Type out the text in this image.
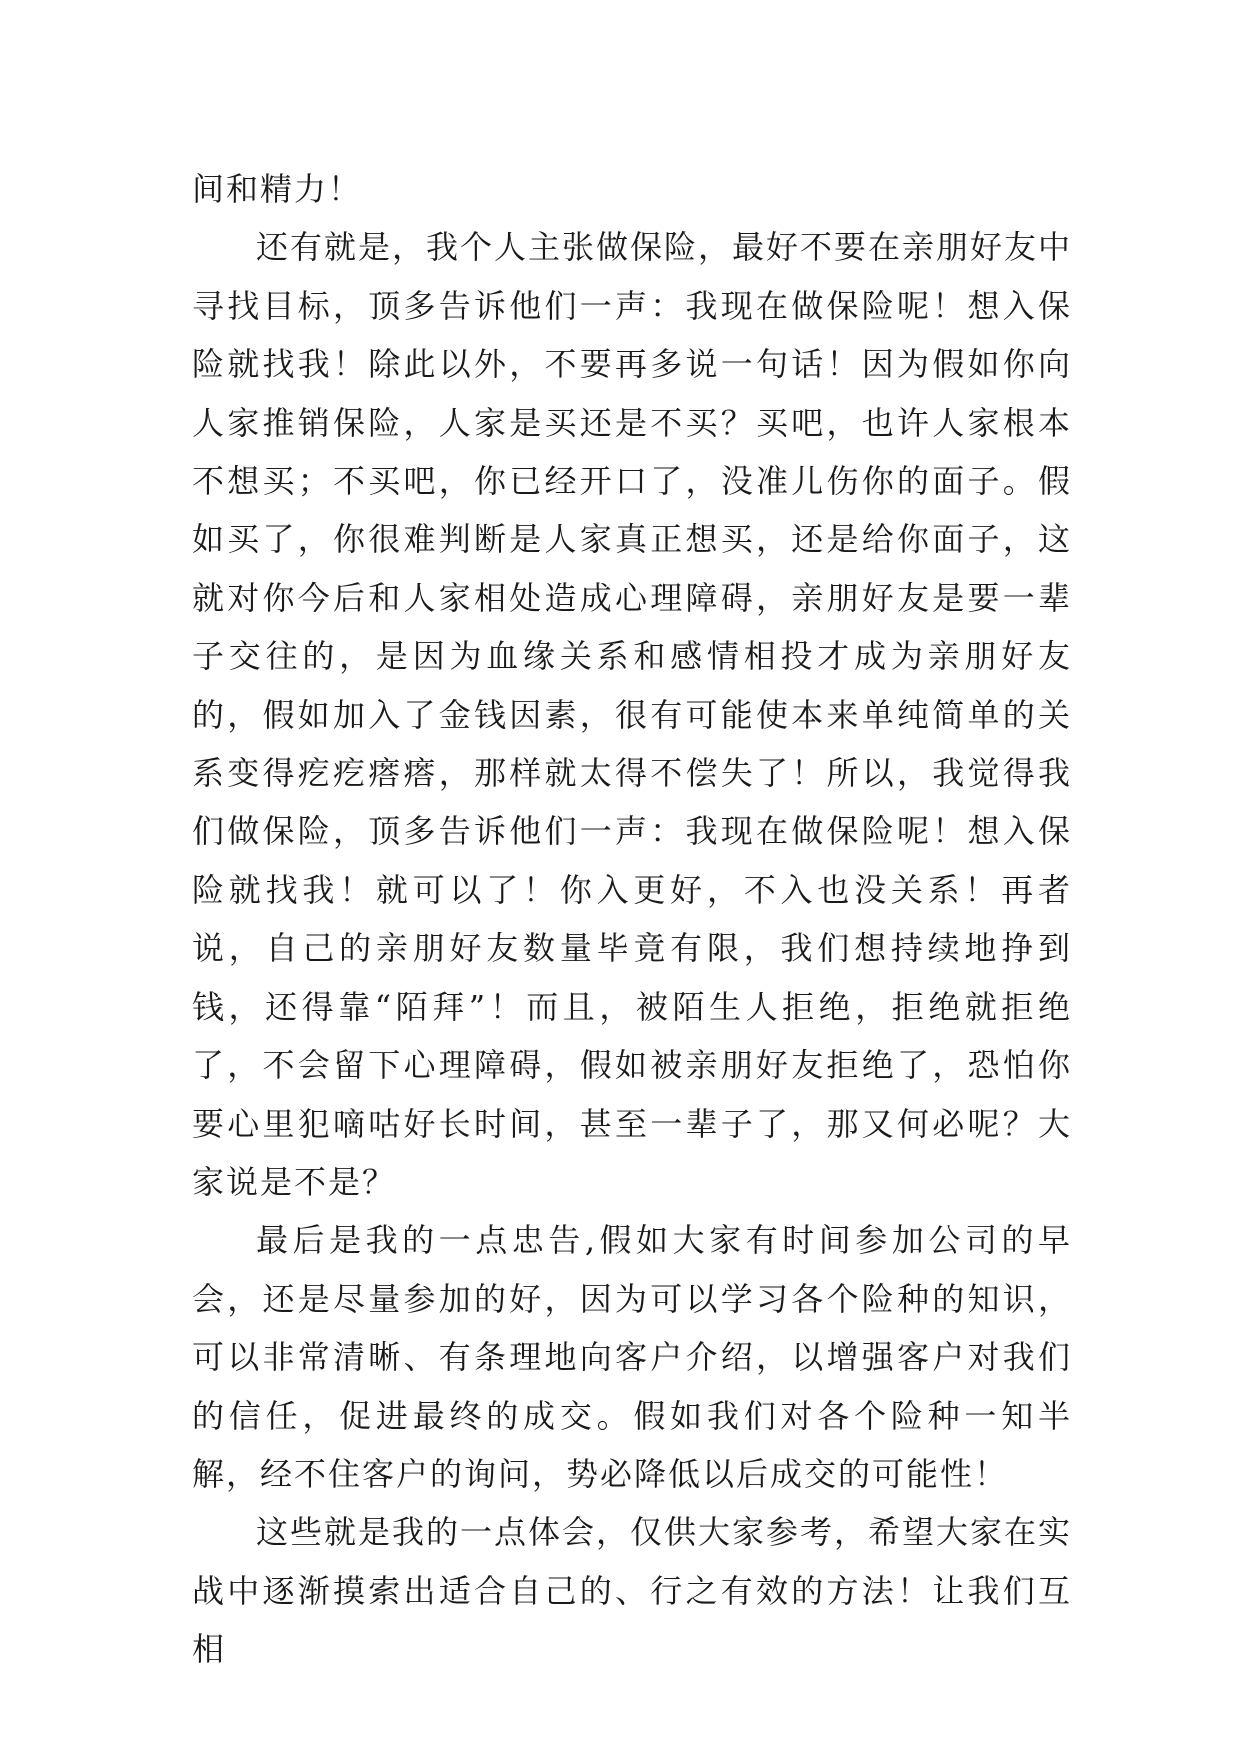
间和精力！

还有就是，我个人主张做保险，最好不要在亲朋好友中寻找目标，顶多告诉他们一声：我现在做保险呢！想入保险就找我！除此以外，不要再多说一句话！因为假如你向人家推销保险，人家是买还是不买？买吧，也许人家根本不想买；不买吧，你已经开口了，没准儿伤你的面子。假如买了，你很难判断是人家真正想买，还是给你面子，这就对你今后和人家相处造成心理障碍，亲朋好友是要一辈子交往的，是因为血缘关系和感情相投才成为亲朋好友的，假如加入了金钱因素，很有可能使本来单纯简单的关系变得疙疙瘩瘩，那样就太得不偿失了！所以，我觉得我们做保险，顶多告诉他们一声：我现在做保险呢！想入保险就找我！就可以了！你入更好，不入也没关系！再者说，自己的亲朋好友数量毕竟有限，我们想持续地挣到钱，还得靠“陌拜”！而且，被陌生人拒绝，拒绝就拒绝了，不会留下心理障碍，假如被亲朋好友拒绝了，恐怕你要心里犯嘀咕好长时间，甚至一辈子了，那又何必呢？大家说是不是？

最后是我的一点忠告,假如大家有时间参加公司的早会，还是尽量参加的好，因为可以学习各个险种的知识，可以非常清晰、有条理地向客户介绍，以增强客户对我们的信任，促进最终的成交。假如我们对各个险种一知半解，经不住客户的询问，势必降低以后成交的可能性！

这些就是我的一点体会，仅供大家参考，希望大家在实战中逐渐摸索出适合自己的、行之有效的方法！让我们互相
